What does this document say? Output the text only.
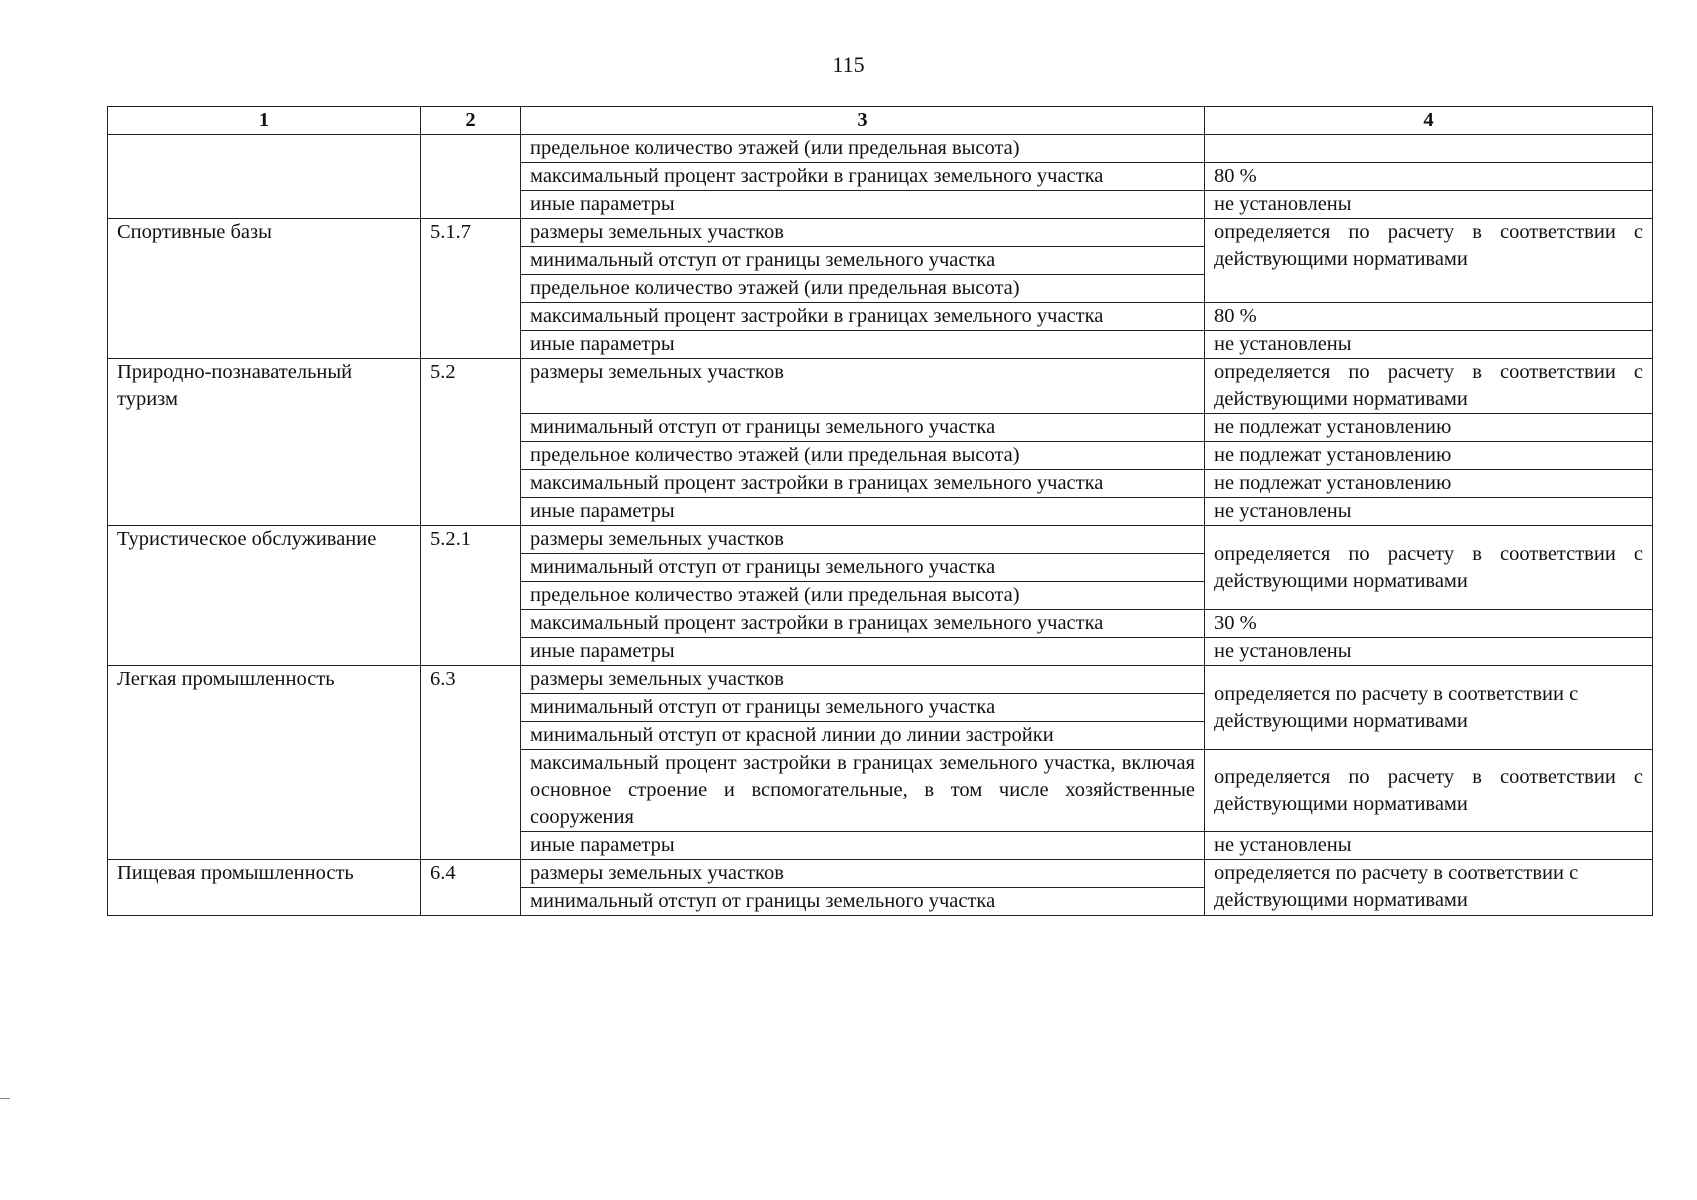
115
1	2	3	4
		предельное количество этажей (или предельная высота)	
		максимальный процент застройки в границах земельного участка	80 %
		иные параметры	не установлены
Спортивные базы	5.1.7	размеры земельных участков	определяется по расчету в соответствии с действующими нормативами
		минимальный отступ от границы земельного участка	
		предельное количество этажей (или предельная высота)	
		максимальный процент застройки в границах земельного участка	80 %
		иные параметры	не установлены
Природно-познавательный туризм	5.2	размеры земельных участков	определяется по расчету в соответствии с действующими нормативами
		минимальный отступ от границы земельного участка	не подлежат установлению
		предельное количество этажей (или предельная высота)	не подлежат установлению
		максимальный процент застройки в границах земельного участка	не подлежат установлению
		иные параметры	не установлены
Туристическое обслуживание	5.2.1	размеры земельных участков	определяется по расчету в соответствии с действующими нормативами
		минимальный отступ от границы земельного участка	
		предельное количество этажей (или предельная высота)	
		максимальный процент застройки в границах земельного участка	30 %
		иные параметры	не установлены
Легкая промышленность	6.3	размеры земельных участков	определяется по расчету в соответствии с действующими нормативами
		минимальный отступ от границы земельного участка	
		минимальный отступ от красной линии до линии застройки	
		максимальный процент застройки в границах земельного участка, включая основное строение и вспомогательные, в том числе хозяйственные сооружения	определяется по расчету в соответствии с действующими нормативами
		иные параметры	не установлены
Пищевая промышленность	6.4	размеры земельных участков	определяется по расчету в соответствии с действующими нормативами
		минимальный отступ от границы земельного участка	
